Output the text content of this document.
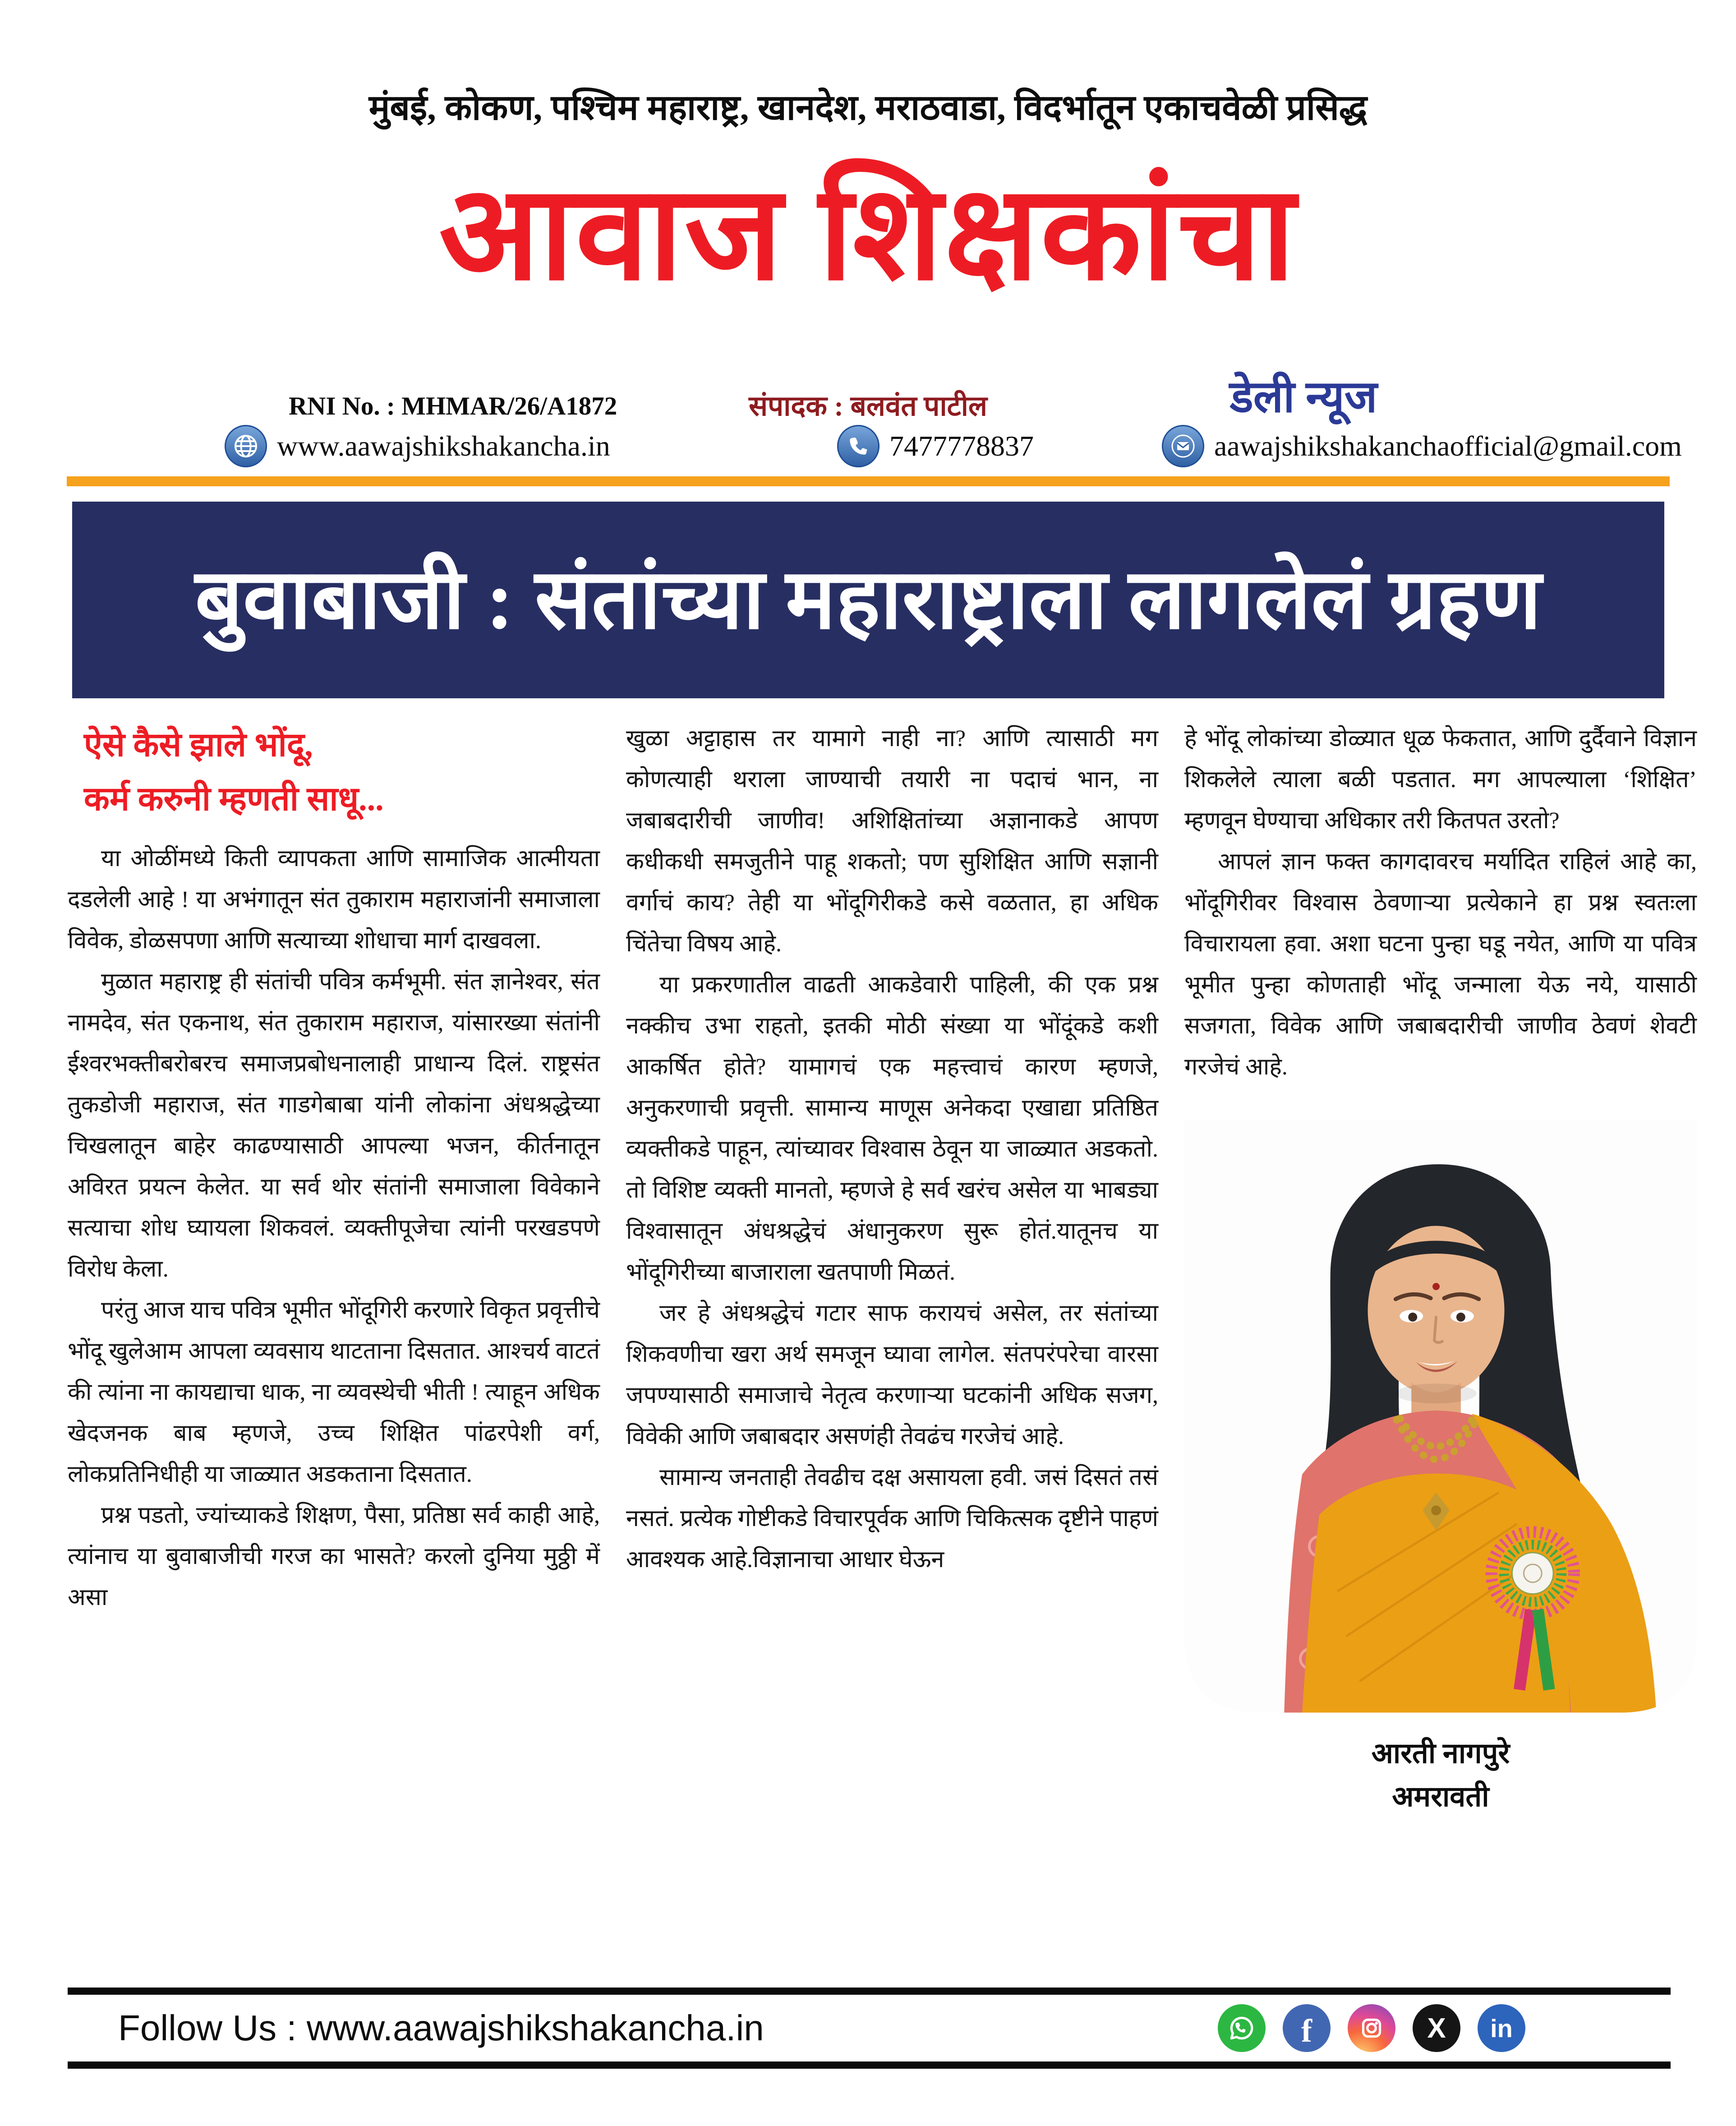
मुंबई, कोकण, पश्चिम महाराष्ट्र, खानदेश, मराठवाडा, विदर्भातून एकाचवेळी प्रसिद्ध
आवाज शिक्षकांचा
RNI No. : MHMAR/26/A1872	संपादक : बलवंत पाटील	डेली न्यूज
www.aawajshikshakancha.in	7477778837	aawajshikshakanchaofficial@gmail.com
बुवाबाजी : संतांच्या महाराष्ट्राला लागलेलं ग्रहण
ऐसे कैसे झाले भोंदू,
कर्म करुनी म्हणती साधू...

या ओळींमध्ये किती व्यापकता आणि सामाजिक आत्मीयता दडलेली आहे ! या अभंगातून संत तुकाराम महाराजांनी समाजाला विवेक, डोळसपणा आणि सत्याच्या शोधाचा मार्ग दाखवला.

मुळात महाराष्ट्र ही संतांची पवित्र कर्मभूमी. संत ज्ञानेश्वर, संत नामदेव, संत एकनाथ, संत तुकाराम महाराज, यांसारख्या संतांनी ईश्वरभक्तीबरोबरच समाजप्रबोधनालाही प्राधान्य दिलं. राष्ट्रसंत तुकडोजी महाराज, संत गाडगेबाबा यांनी लोकांना अंधश्रद्धेच्या चिखलातून बाहेर काढण्यासाठी आपल्या भजन, कीर्तनातून अविरत प्रयत्न केलेत. या सर्व थोर संतांनी समाजाला विवेकाने सत्याचा शोध घ्यायला शिकवलं. व्यक्तीपूजेचा त्यांनी परखडपणे विरोध केला.

परंतु आज याच पवित्र भूमीत भोंदूगिरी करणारे विकृत प्रवृत्तीचे भोंदू खुलेआम आपला व्यवसाय थाटताना दिसतात. आश्चर्य वाटतं की त्यांना ना कायद्याचा धाक, ना व्यवस्थेची भीती ! त्याहून अधिक खेदजनक बाब म्हणजे, उच्च शिक्षित पांढरपेशी वर्ग, लोकप्रतिनिधीही या जाळ्यात अडकताना दिसतात.

प्रश्न पडतो, ज्यांच्याकडे शिक्षण, पैसा, प्रतिष्ठा सर्व काही आहे, त्यांनाच या बुवाबाजीची गरज का भासते? करलो दुनिया मुठ्ठी में असा

खुळा अट्टाहास तर यामागे नाही ना? आणि त्यासाठी मग कोणत्याही थराला जाण्याची तयारी ना पदाचं भान, ना जबाबदारीची जाणीव! अशिक्षितांच्या अज्ञानाकडे आपण कधीकधी समजुतीने पाहू शकतो; पण सुशिक्षित आणि सज्ञानी वर्गाचं काय? तेही या भोंदूगिरीकडे कसे वळतात, हा अधिक चिंतेचा विषय आहे.

या प्रकरणातील वाढती आकडेवारी पाहिली, की एक प्रश्न नक्कीच उभा राहतो, इतकी मोठी संख्या या भोंदूंकडे कशी आकर्षित होते? यामागचं एक महत्त्वाचं कारण म्हणजे, अनुकरणाची प्रवृत्ती. सामान्य माणूस अनेकदा एखाद्या प्रतिष्ठित व्यक्तीकडे पाहून, त्यांच्यावर विश्वास ठेवून या जाळ्यात अडकतो. तो विशिष्ट व्यक्ती मानतो, म्हणजे हे सर्व खरंच असेल या भाबड्या विश्वासातून अंधश्रद्धेचं अंधानुकरण सुरू होतं.यातूनच या भोंदूगिरीच्या बाजाराला खतपाणी मिळतं.

जर हे अंधश्रद्धेचं गटार साफ करायचं असेल, तर संतांच्या शिकवणीचा खरा अर्थ समजून घ्यावा लागेल. संतपरंपरेचा वारसा जपण्यासाठी समाजाचे नेतृत्व करणाऱ्या घटकांनी अधिक सजग, विवेकी आणि जबाबदार असणंही तेवढंच गरजेचं आहे.

सामान्य जनताही तेवढीच दक्ष असायला हवी. जसं दिसतं तसं नसतं. प्रत्येक गोष्टीकडे विचारपूर्वक आणि चिकित्सक दृष्टीने पाहणं आवश्यक आहे.विज्ञानाचा आधार घेऊन

हे भोंदू लोकांच्या डोळ्यात धूळ फेकतात, आणि दुर्दैवाने विज्ञान शिकलेले त्याला बळी पडतात. मग आपल्याला ‘शिक्षित’ म्हणवून घेण्याचा अधिकार तरी कितपत उरतो?

आपलं ज्ञान फक्त कागदावरच मर्यादित राहिलं आहे का, भोंदूगिरीवर विश्वास ठेवणाऱ्या प्रत्येकाने हा प्रश्न स्वतःला विचारायला हवा. अशा घटना पुन्हा घडू नयेत, आणि या पवित्र भूमीत पुन्हा कोणताही भोंदू जन्माला येऊ नये, यासाठी सजगता, विवेक आणि जबाबदारीची जाणीव ठेवणं शेवटी गरजेचं आहे.

आरती नागपुरे
अमरावती
Follow Us : www.aawajshikshakancha.in	f	X in
